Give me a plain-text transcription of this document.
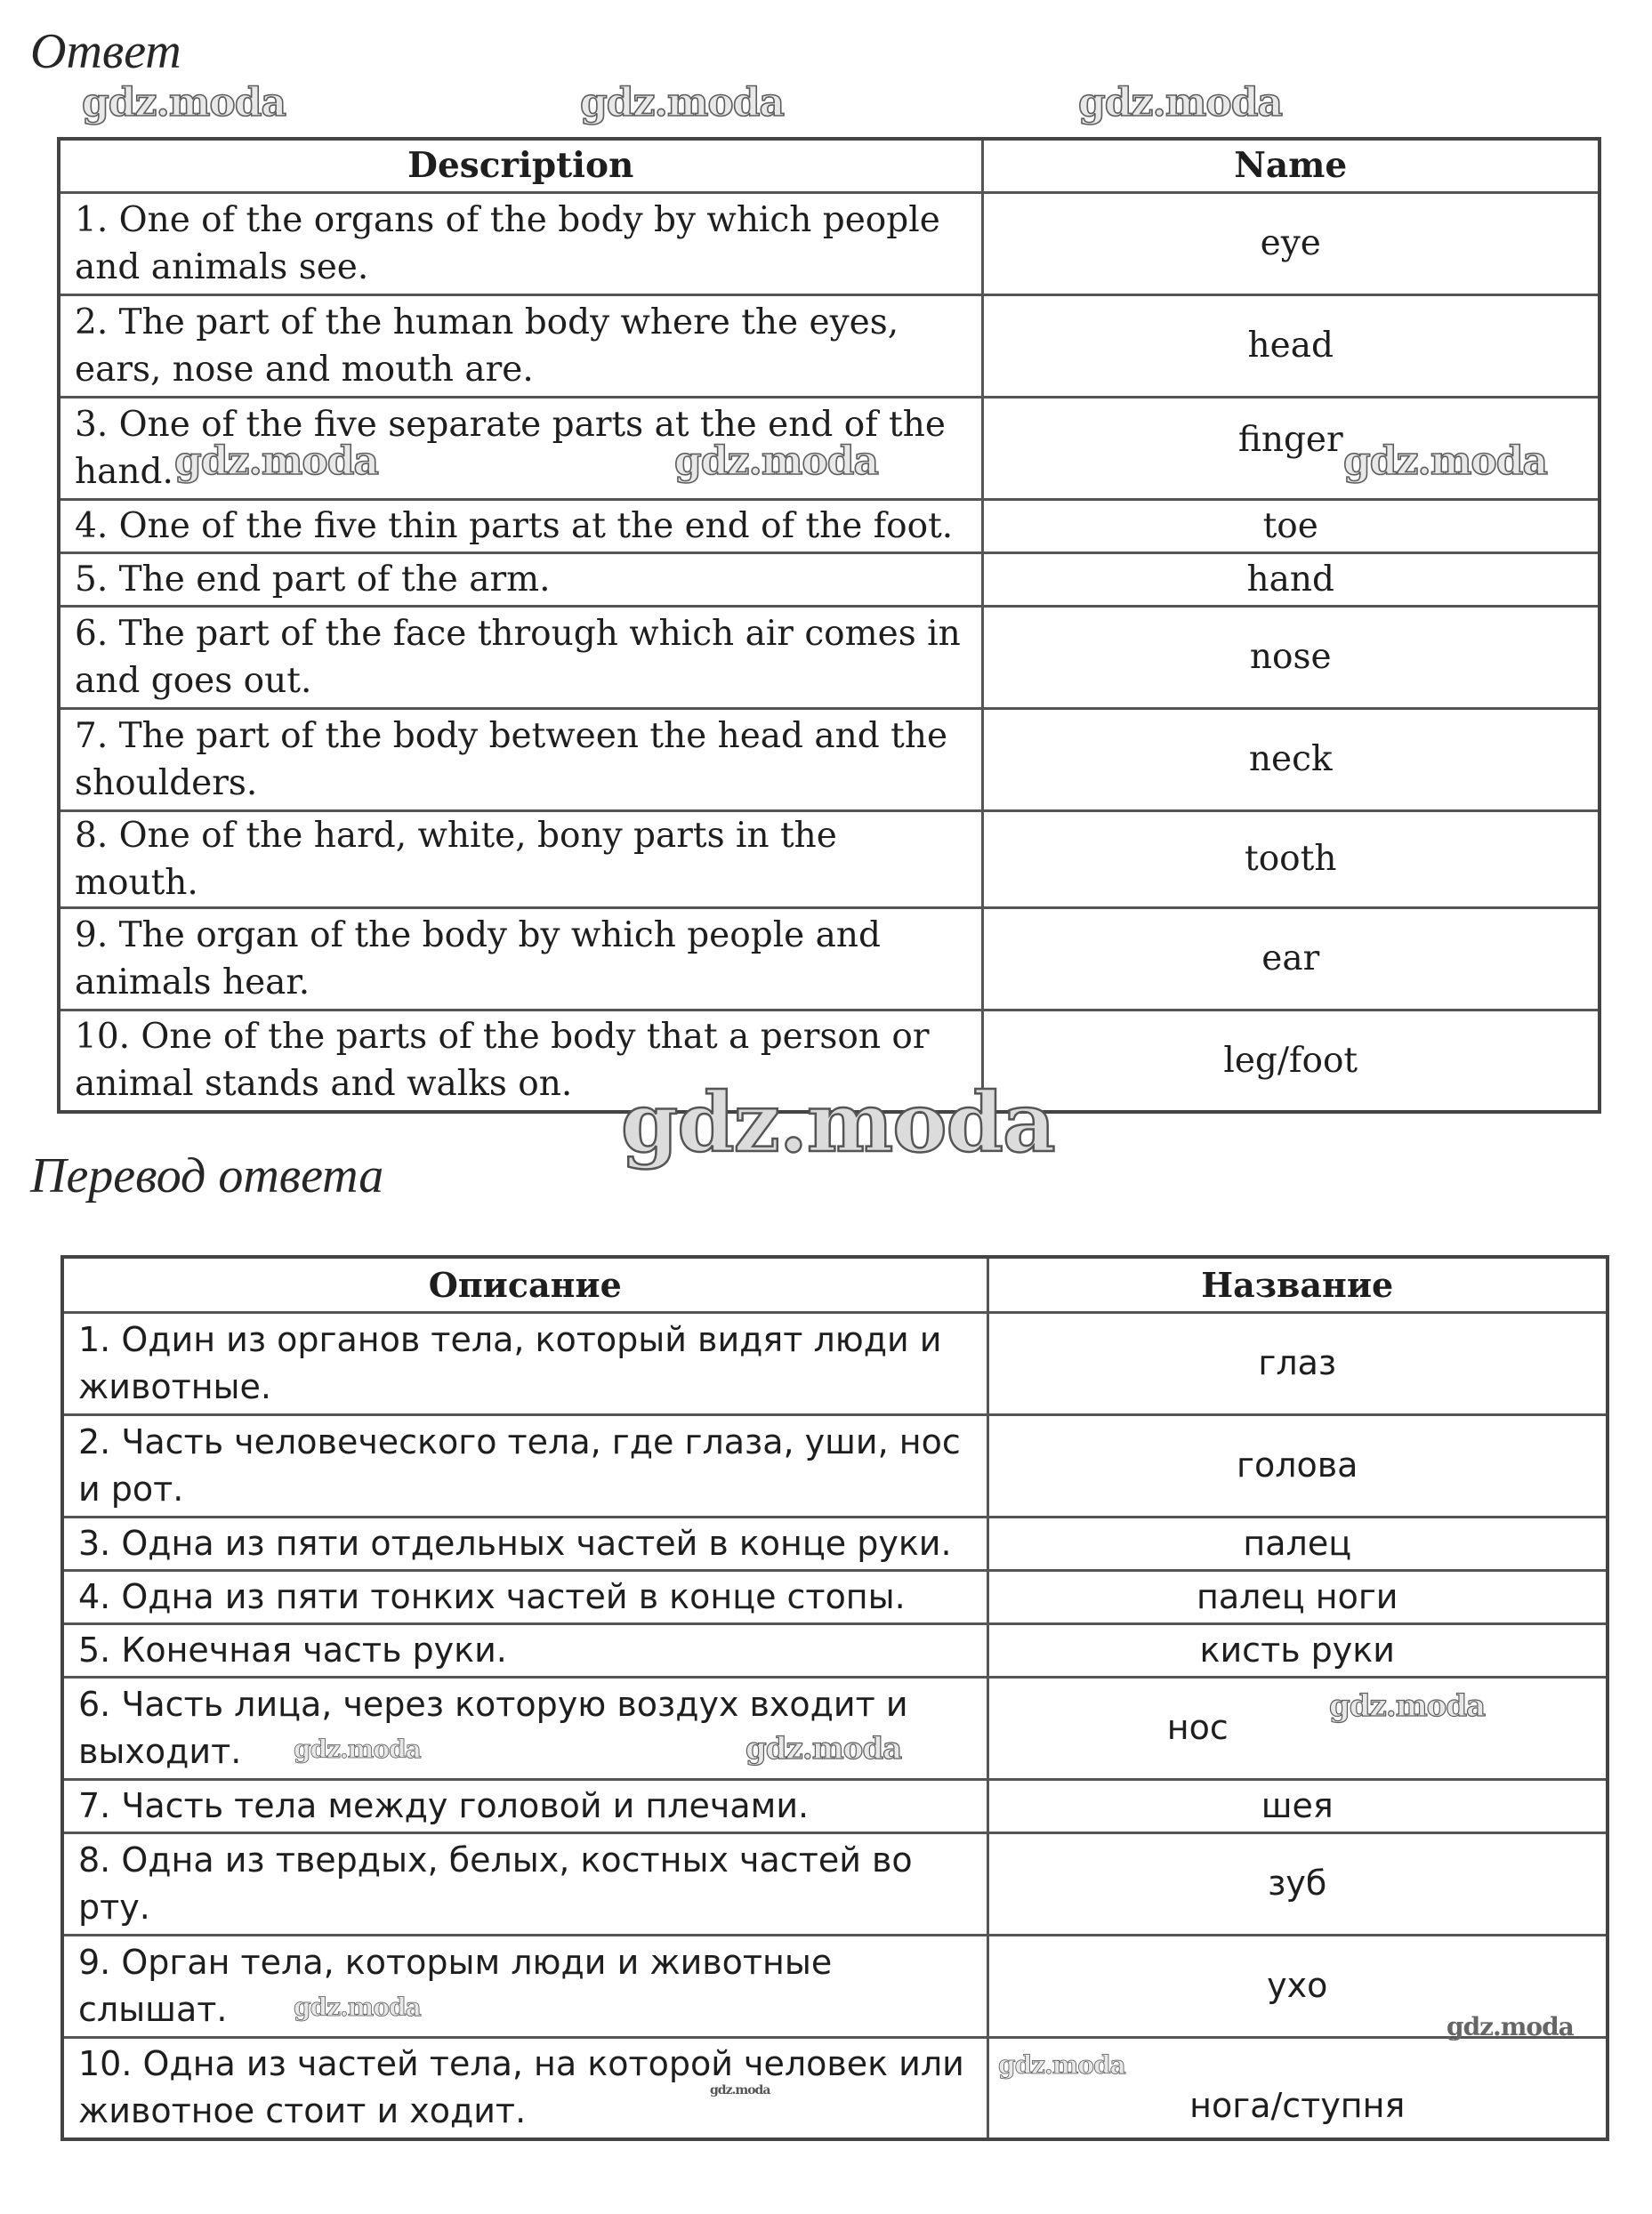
Ответ
Description	Name
1. One of the organs of the body by which people and animals see.	eye
2. The part of the human body where the eyes, ears, nose and mouth are.	head
3. One of the five separate parts at the end of the hand.	finger
4. One of the five thin parts at the end of the foot.	toe
5. The end part of the arm.	hand
6. The part of the face through which air comes in and goes out.	nose
7. The part of the body between the head and the shoulders.	neck
8. One of the hard, white, bony parts in the mouth.	tooth
9. The organ of the body by which people and animals hear.	ear
10. One of the parts of the body that a person or animal stands and walks on.	leg/foot
Перевод ответа
Описание	Название
1. Один из органов тела, который видят люди и животные.	глаз
2. Часть человеческого тела, где глаза, уши, нос и рот.	голова
3. Одна из пяти отдельных частей в конце руки.	палец
4. Одна из пяти тонких частей в конце стопы.	палец ноги
5. Конечная часть руки.	кисть руки
6. Часть лица, через которую воздух входит и выходит.	нос
7. Часть тела между головой и плечами.	шея
8. Одна из твердых, белых, костных частей во рту.	зуб
9. Орган тела, которым люди и животные слышат.	ухо
10. Одна из частей тела, на которой человек или животное стоит и ходит.	нога/ступня
gdz.moda	gdz.moda	gdz.moda
gdz.moda	gdz.moda	gdz.moda
gdz.moda
gdz.moda	gdz.moda
gdz.moda
gdz.moda
gdz.moda
gdz.moda
gdz.moda
